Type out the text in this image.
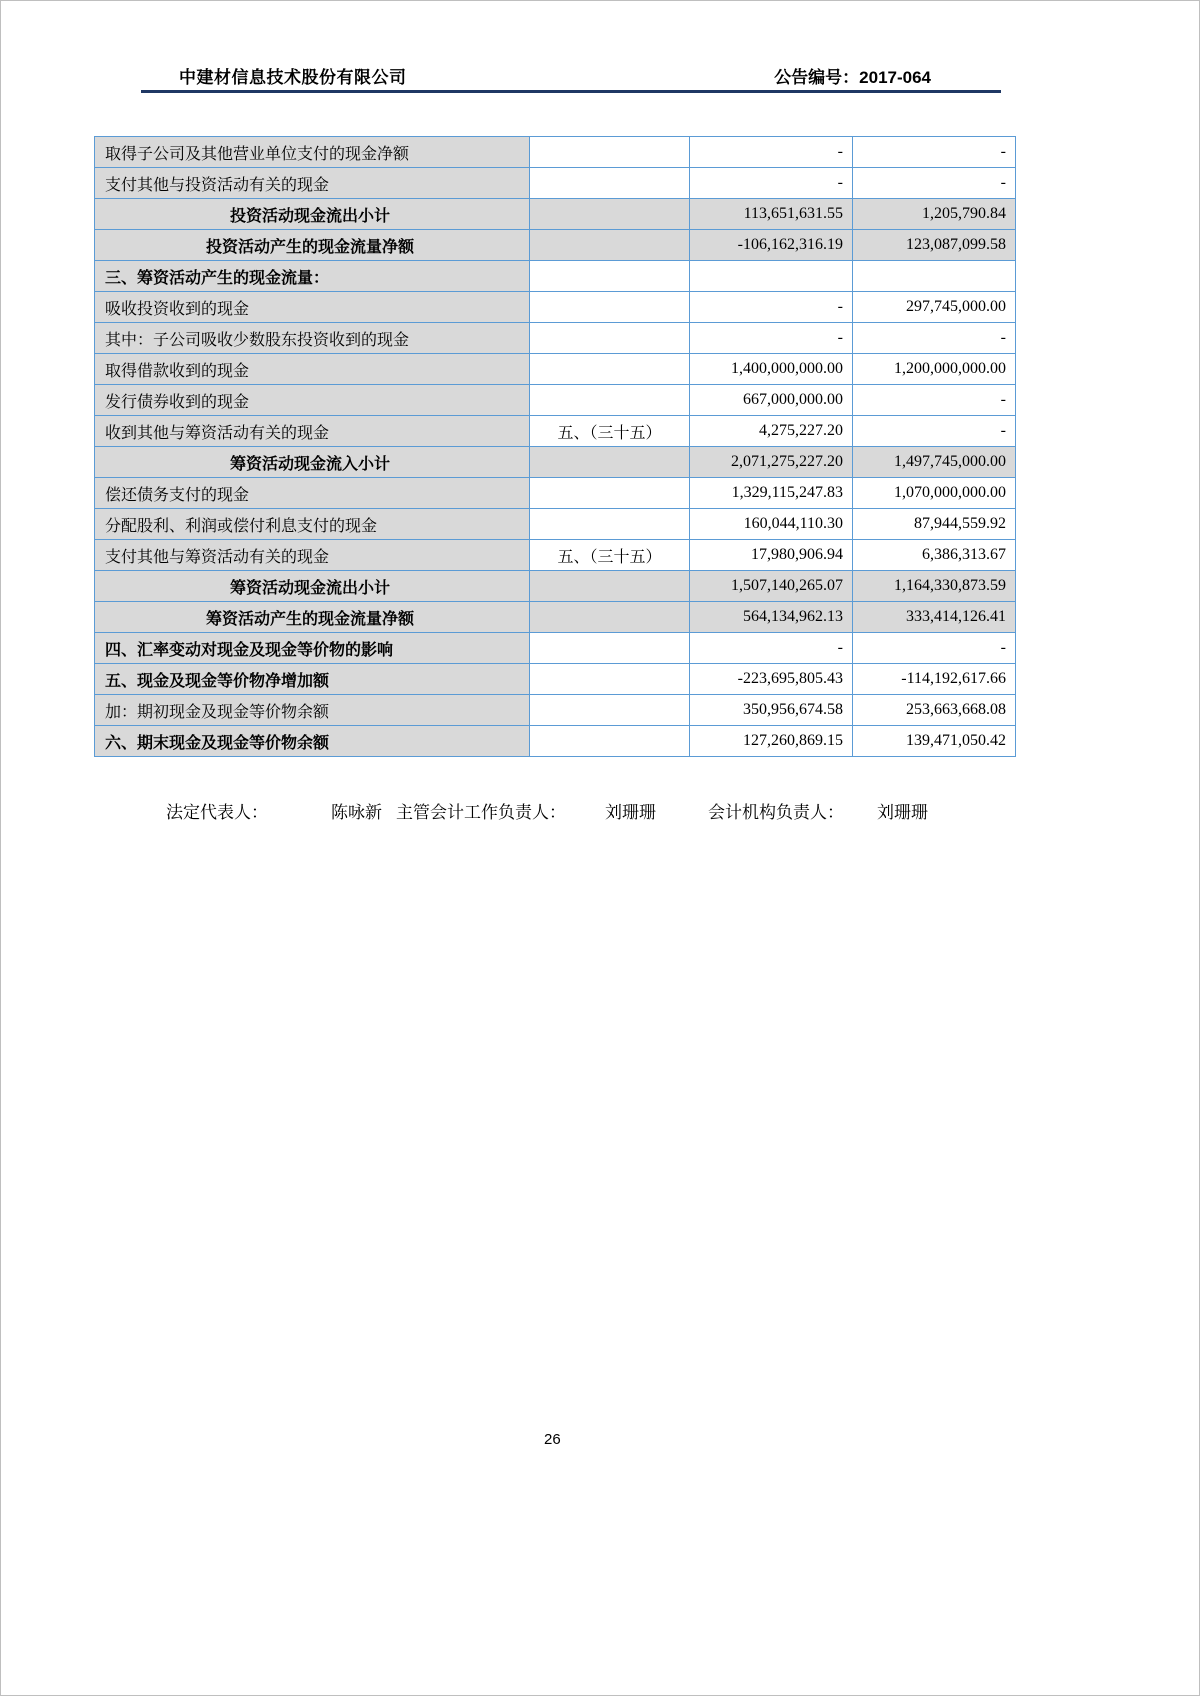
中建材信息技术股份有限公司	公告编号：2017-064
取得子公司及其他营业单位支付的现金净额		-	-
支付其他与投资活动有关的现金		-	-
投资活动现金流出小计		113,651,631.55	1,205,790.84
投资活动产生的现金流量净额		-106,162,316.19	123,087,099.58
三、筹资活动产生的现金流量：			
吸收投资收到的现金		-	297,745,000.00
其中：子公司吸收少数股东投资收到的现金		-	-
取得借款收到的现金		1,400,000,000.00	1,200,000,000.00
发行债券收到的现金		667,000,000.00	-
收到其他与筹资活动有关的现金	五、（三十五）	4,275,227.20	-
筹资活动现金流入小计		2,071,275,227.20	1,497,745,000.00
偿还债务支付的现金		1,329,115,247.83	1,070,000,000.00
分配股利、利润或偿付利息支付的现金		160,044,110.30	87,944,559.92
支付其他与筹资活动有关的现金	五、（三十五）	17,980,906.94	6,386,313.67
筹资活动现金流出小计		1,507,140,265.07	1,164,330,873.59
筹资活动产生的现金流量净额		564,134,962.13	333,414,126.41
四、汇率变动对现金及现金等价物的影响		-	-
五、现金及现金等价物净增加额		-223,695,805.43	-114,192,617.66
加：期初现金及现金等价物余额		350,956,674.58	253,663,668.08
六、期末现金及现金等价物余额		127,260,869.15	139,471,050.42
法定代表人：	陈咏新 主管会计工作负责人： 刘珊珊	会计机构负责人： 刘珊珊
26
